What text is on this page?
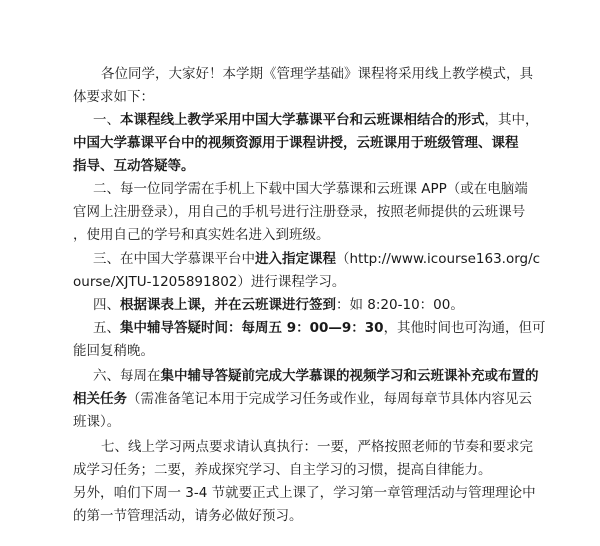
各位同学，大家好！本学期《管理学基础》课程将采用线上教学模式，具
体要求如下：
一、本课程线上教学采用中国大学慕课平台和云班课相结合的形式，其中，
中国大学慕课平台中的视频资源用于课程讲授，云班课用于班级管理、课程
指导、互动答疑等。
二、每一位同学需在手机上下载中国大学慕课和云班课 APP（或在电脑端
官网上注册登录），用自己的手机号进行注册登录，按照老师提供的云班课号
，使用自己的学号和真实姓名进入到班级。
三、在中国大学慕课平台中进入指定课程（http://www.icourse163.org/c
ourse/XJTU-1205891802）进行课程学习。
四、根据课表上课，并在云班课进行签到：如 8:20-10：00。
五、集中辅导答疑时间：每周五 9：00—9：30，其他时间也可沟通，但可
能回复稍晚。
六、每周在集中辅导答疑前完成大学慕课的视频学习和云班课补充或布置的
相关任务（需准备笔记本用于完成学习任务或作业，每周每章节具体内容见云
班课）。
七、线上学习两点要求请认真执行：一要，严格按照老师的节奏和要求完
成学习任务；二要，养成探究学习、自主学习的习惯，提高自律能力。
另外，咱们下周一 3-4 节就要正式上课了，学习第一章管理活动与管理理论中
的第一节管理活动，请务必做好预习。
